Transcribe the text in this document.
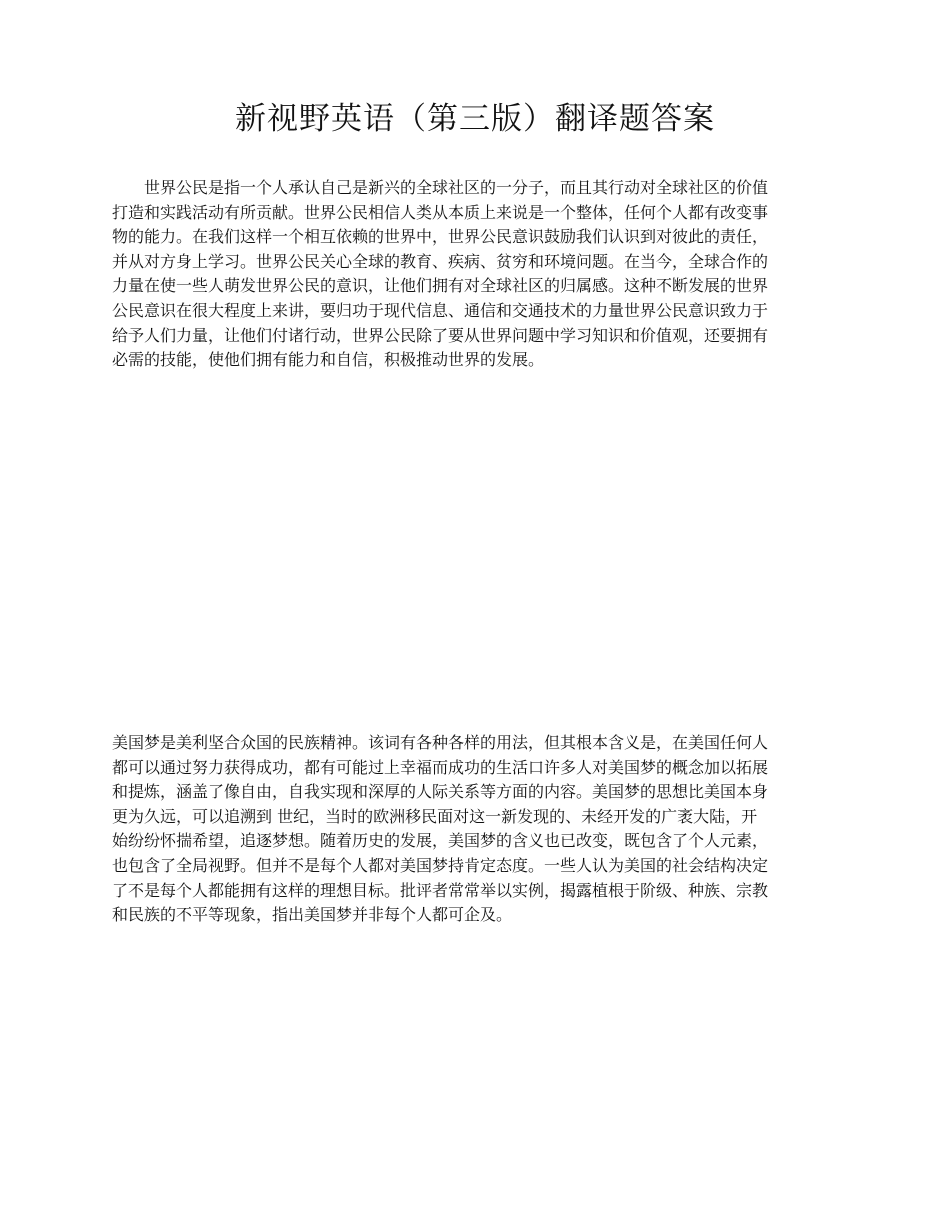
新视野英语（第三版）翻译题答案
世界公民是指一个人承认自己是新兴的全球社区的一分子，而且其行动对全球社区的价值
打造和实践活动有所贡献。世界公民相信人类从本质上来说是一个整体，任何个人都有改变事
物的能力。在我们这样一个相互依赖的世界中，世界公民意识鼓励我们认识到对彼此的责任，
并从对方身上学习。世界公民关心全球的教育、疾病、贫穷和环境问题。在当今，全球合作的
力量在使一些人萌发世界公民的意识，让他们拥有对全球社区的归属感。这种不断发展的世界
公民意识在很大程度上来讲，要归功于现代信息、通信和交通技术的力量世界公民意识致力于
给予人们力量，让他们付诸行动，世界公民除了要从世界问题中学习知识和价值观，还要拥有
必需的技能，使他们拥有能力和自信，积极推动世界的发展。
美国梦是美利坚合众国的民族精神。该词有各种各样的用法，但其根本含义是，在美国任何人
都可以通过努力获得成功，都有可能过上幸福而成功的生活口许多人对美国梦的概念加以拓展
和提炼，涵盖了像自由，自我实现和深厚的人际关系等方面的内容。美国梦的思想比美国本身
更为久远，可以追溯到 世纪，当时的欧洲移民面对这一新发现的、未经开发的广袤大陆，开
始纷纷怀揣希望，追逐梦想。随着历史的发展，美国梦的含义也已改变，既包含了个人元素，
也包含了全局视野。但并不是每个人都对美国梦持肯定态度。一些人认为美国的社会结构决定
了不是每个人都能拥有这样的理想目标。批评者常常举以实例，揭露植根于阶级、种族、宗教
和民族的不平等现象，指出美国梦并非每个人都可企及。
